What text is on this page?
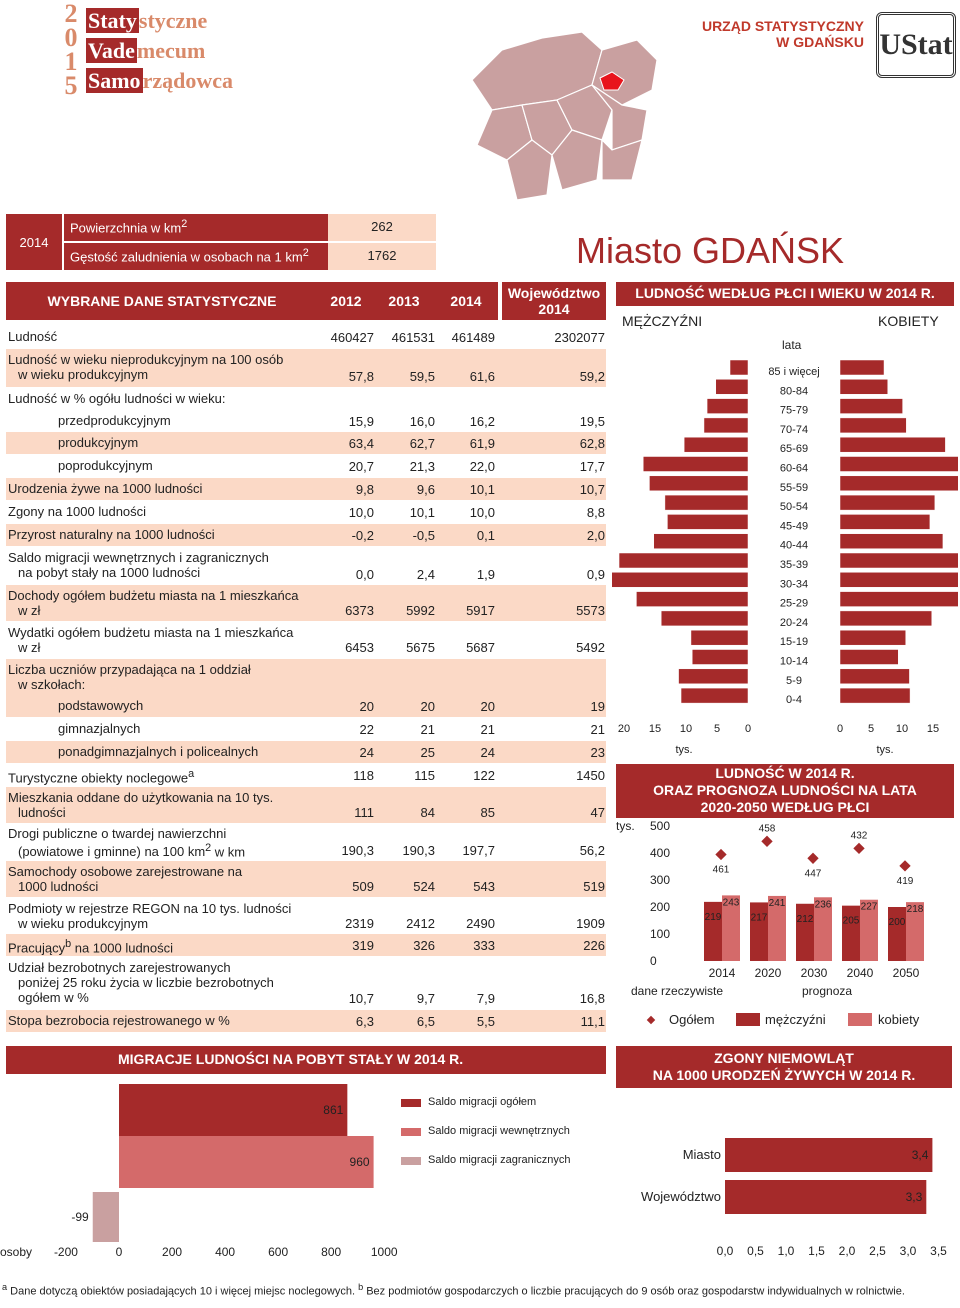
2
0
1
5
Statystyczne
Vademecum
Samorządowca
URZĄD STATYSTYCZNY
W GDAŃSKU UStat
2014
Powierzchnia w $km^2$	262
Gęstość zaludnienia w osobach na 1 $km^2$	1762	Miasto GDAŃSK
WYBRANE DANE STATYSTYCZNE	2012	2013	2014	Województwo 2014
Ludność	460427	461531	461489	2302077
Ludność w wieku nieprodukcyjnym na 100 osób
w wieku produkcyjnym	57,8	59,5	61,6	59,2
Ludność w % ogółu ludności w wieku:
przedprodukcyjnym	15,9	16,0	16,2	19,5
produkcyjnym	63,4	62,7	61,9	62,8
poprodukcyjnym	20,7	21,3	22,0	17,7
Urodzenia żywe na 1000 ludności	9,8	9,6	10,1	10,7
Zgony na 1000 ludności	10,0	10,1	10,0	8,8
Przyrost naturalny na 1000 ludności	-0,2	-0,5	0,1	2,0
Saldo migracji wewnętrznych i zagranicznych
na pobyt stały na 1000 ludności	0,0	2,4	1,9	0,9
Dochody ogółem budżetu miasta na 1 mieszkańca
w zł	6373	5992	5917	5573
Wydatki ogółem budżetu miasta na 1 mieszkańca
w zł	6453	5675	5687	5492
Liczba uczniów przypadająca na 1 oddział
w szkołach:
podstawowych	20	20	20	19
gimnazjalnych	22	21	21	21
ponadgimnazjalnych i policealnych	24	25	24	23
Turystyczne obiekty noclegowe$^a$	118	115	122	1450
Mieszkania oddane do użytkowania na 10 tys.
ludności	111	84	85	47
Drogi publiczne o twardej nawierzchni
(powiatowe i gminne) na 100 $km^2$ w km	190,3	190,3	197,7	56,2
Samochody osobowe zarejestrowane na
1000 ludności	509	524	543	519
Podmioty w rejestrze REGON na 10 tys. ludności
w wieku produkcyjnym	2319	2412	2490	1909
Pracujący$^b$ na 1000 ludności	319	326	333	226
Udział bezrobotnych zarejestrowanych
poniżej 25 roku życia w liczbie bezrobotnych
ogółem w %	10,7	9,7	7,9	16,8
Stopa bezrobocia rejestrowanego w %	6,3	6,5	5,5	11,1
LUDNOŚĆ WEDŁUG PŁCI I WIEKU W 2014 R.
MĘŻCZYŹNI	KOBIETY
lata
85 i więcej
80-84
75-79
70-74
65-69
60-64
55-59
50-54
45-49
40-44
35-39
30-34
25-29
20-24
15-19
10-14
5-9
0-4
20 15 10 5 0	0 5 10 15
tys.	tys.
LUDNOŚĆ W 2014 R.
ORAZ PROGNOZA LUDNOŚCI NA LATA
2020-2050 WEDŁUG PŁCI
tys. 500
400
300
200
100
0
219
243
461
2014
217
241
458
2020
212
236
447
2030
205
227
432
2040
200
218
419
2050
dane rzeczywiste	prognoza
Ogółem	mężczyźni	kobiety
MIGRACJE LUDNOŚCI NA POBYT STAŁY W 2014 R.
861
960
-99
osoby -200	0	200	400	600	800 1000
Saldo migracji ogółem
Saldo migracji wewnętrznych
Saldo migracji zagranicznych
ZGONY NIEMOWLĄT
NA 1000 URODZEŃ ŻYWYCH W 2014 R.
Miasto	3,4
Województwo	3,3
0,0 0,5 1,0 1,5 2,0 2,5 3,0 3,5
$^a$ Dane dotyczą obiektów posiadających 10 i więcej miejsc noclegowych. $^b$ Bez podmiotów gospodarczych o liczbie pracujących do 9 osób oraz gospodarstw indywidualnych w rolnictwie.
